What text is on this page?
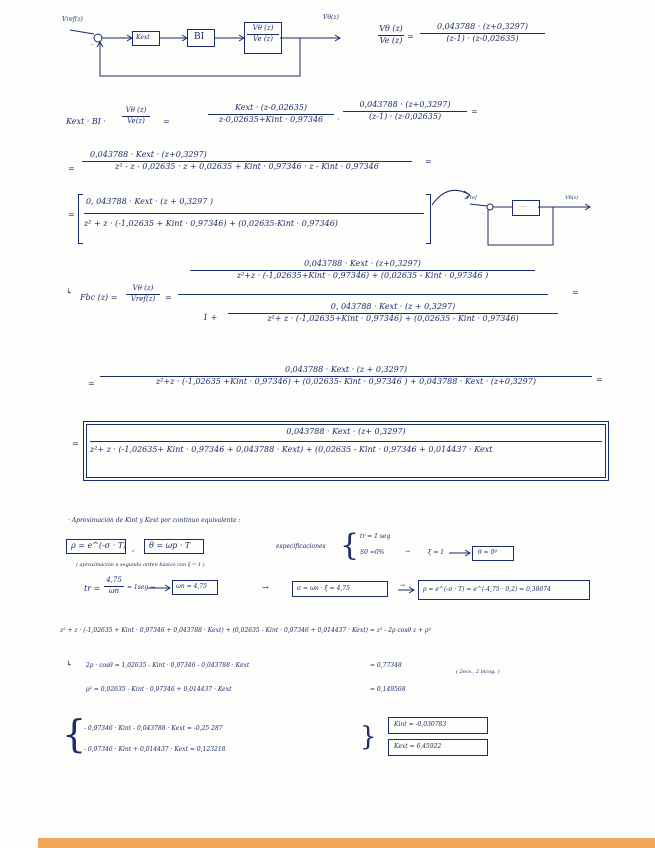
Vref(z)
-
Kext	BI
Vθ (z)
Ve (z)
Vθ(z)
Vθ (z)
Ve (z) =
0,043788 · (z+0,3297)
(z-1) · (z-0,02635)
Kext · BI ·
Vθ (z)
Ve(z)	=
Kext · (z-0,02635)
z-0,02635+Kint · 0,97346	·
0,043788 · (z+0,3297)
(z-1) · (z-0,02635)
=
=
0,043788 · Kext · (z+0,3297)
z² - z - 0,02635 · z + 0,02635 + Kint · 0,97346 · z - Kint · 0,97346
=
=
0, 043788 · Kext · (z + 0,3297 )
z² + z · (-1,02635 + Kint · 0,97346) + (0,02635-Kint · 0,97346)
Vref
-
···
Vθ(z)
↳
Fbc (z) =
Vθ (z)
Vref(z)	=
0,043788 · Kext · (z+0,3297)
z²+z · (-1,02635+Kint · 0,97346) + (0,02635 - Kint · 0,97346 )
1 +
0, 043788 · Kext · (z + 0,3297)
z²+ z · (-1,02635+Kint · 0,97346) + (0,02635 - Kint · 0,97346)
=
=
0,043788 · Kext · (z + 0,3297)
z²+z · (-1,02635 +Kint · 0,97346) + (0,02635- Kint · 0,97346 ) + 0,043788 · Kext · (z+0,3297)	=
=
0,043788 · Kext · (z+ 0,3297)
z²+ z · (-1,02635+ Kint · 0,97346 + 0,043788 · Kext) + (0,02635 - Kint · 0,97346 + 0,014437 · Kext
· Aproximación de Kint y Kext por continuo equivalente :
ρ = e^(-σ · T) , θ = ωp · T	especificaciones { tr = 1 seg
S0 =0%	→	ξ = 1	θ = 0º
( aproximación a segundo orden básico con ξ = 1 )
tr =
4,75
ωn	= 1seg →	ωn = 4,75	→	σ = ωn · ξ = 4,75	→
ρ = e^(-σ · T) = e^(-4,75 · 0,2) = 0,38674
z² + z · (-1,02635 + Kint · 0,97346 + 0,043788 · Kext) + (0,02635 - Kint · 0,97346 + 0,014437 · Kext) = z² - 2ρ cosθ z + ρ²
↳ 2ρ · cosθ = 1,02635 - Kint · 0,97346 - 0,043788 · Kext	= 0,77348
( 2ecs., 2 incog. )
ρ² = 0,02635 - Kint · 0,97346 + 0,014437 · Kext	= 0,149568
{
- 0,97346 · Kint - 0,043788 · Kext = -0,25 287
- 0,97346 · Kint + 0,014437 · Kext = 0,123218	}	Kint = -0,030783
Kext = 6,45922
